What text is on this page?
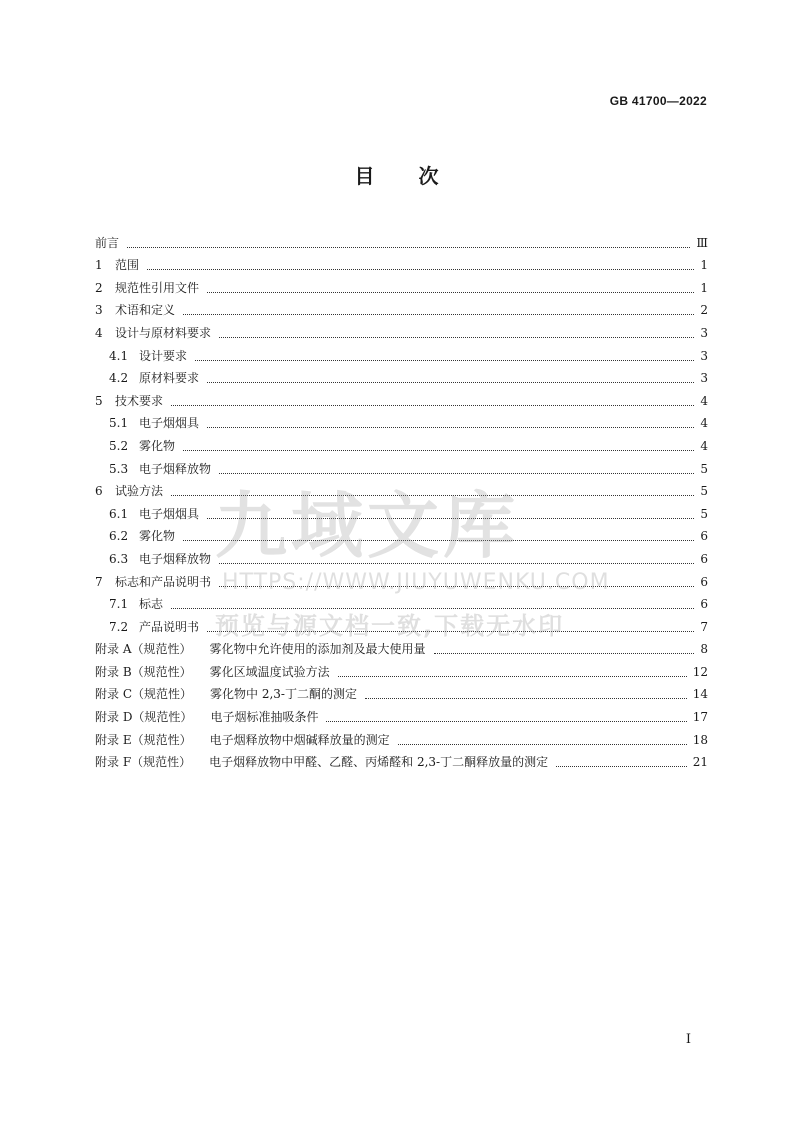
GB 41700—2022
目 次
前言	Ⅲ
1	范围	1
2	规范性引用文件	1
3	术语和定义	2
4	设计与原材料要求	3
4.1 设计要求	3
4.2 原材料要求	3
5	技术要求	4
5.1 电子烟烟具	4
5.2 雾化物	4
5.3 电子烟释放物	5
6	试验方法	5
6.1 电子烟烟具	5
6.2 雾化物	6
6.3 电子烟释放物	6
7	标志和产品说明书	6
7.1 标志	6
7.2 产品说明书	7
附录 A（规范性） 雾化物中允许使用的添加剂及最大使用量	8
附录 B（规范性） 雾化区域温度试验方法	12
附录 C（规范性） 雾化物中 2,3-丁二酮的测定	14
附录 D（规范性） 电子烟标准抽吸条件	17
附录 E（规范性） 电子烟释放物中烟碱释放量的测定	18
附录 F（规范性） 电子烟释放物中甲醛、乙醛、丙烯醛和 2,3-丁二酮释放量的测定	21
九域文库
HTTPS://WWW.JIUYUWENKU.COM
预览与源文档一致,下载无水印
I
